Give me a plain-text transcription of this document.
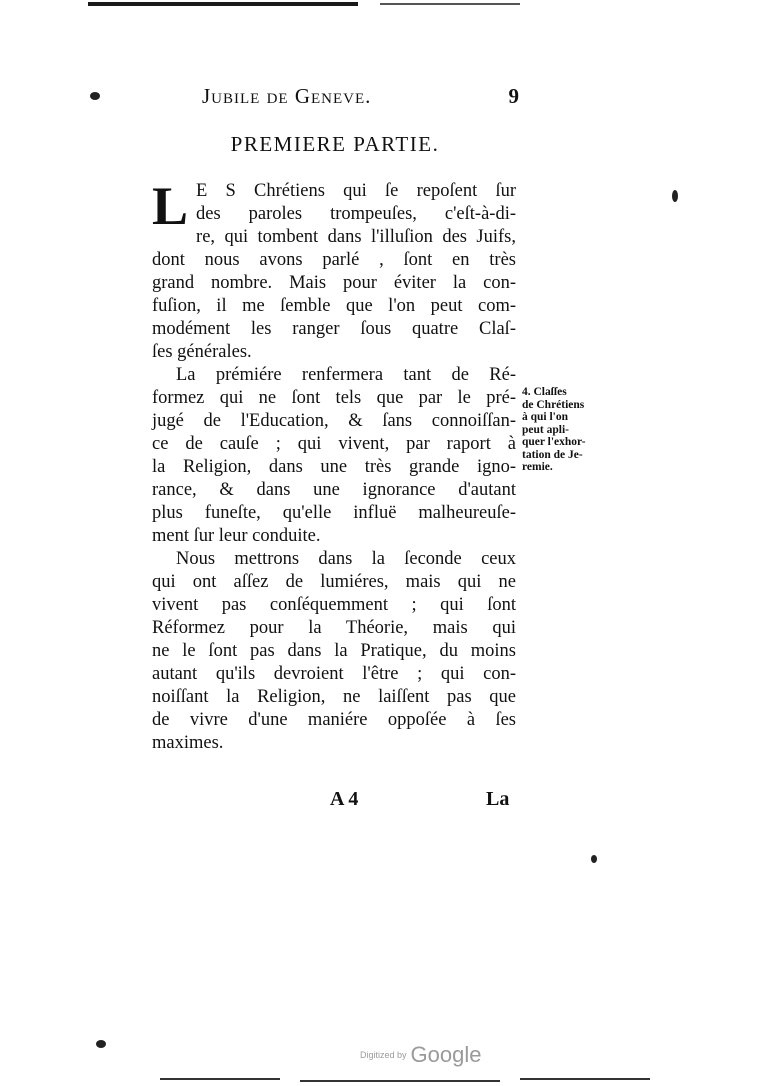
Jubile de Geneve.	9
PREMIERE PARTIE.

L E S Chrétiens qui ſe repoſent ſur
des paroles trompeuſes, c'eſt-à-di-
re, qui tombent dans l'illuſion des Juifs,
dont nous avons parlé , ſont en très
grand nombre. Mais pour éviter la con-
fuſion, il me ſemble que l'on peut com-
modément les ranger ſous quatre Claſ-
ſes générales.

La prémiére renfermera tant de Ré-
formez qui ne ſont tels que par le pré-
jugé de l'Education, & ſans connoiſſan-
ce de cauſe ; qui vivent, par raport à
la Religion, dans une très grande igno-
rance, & dans une ignorance d'autant
plus funeſte, qu'elle influë malheureuſe-
ment ſur leur conduite.

Nous mettrons dans la ſeconde ceux
qui ont aſſez de lumiéres, mais qui ne
vivent pas conſéquemment ; qui ſont
Réformez pour la Théorie, mais qui
ne le ſont pas dans la Pratique, du moins
autant qu'ils devroient l'être ; qui con-
noiſſant la Religion, ne laiſſent pas que
de vivre d'une maniére oppoſée à ſes
maximes.

4. Claſſes
de Chrétiens
à qui l'on
peut apli-
quer l'exhor-
tation de Je-
remie.
A 4	La
Digitized by Google
